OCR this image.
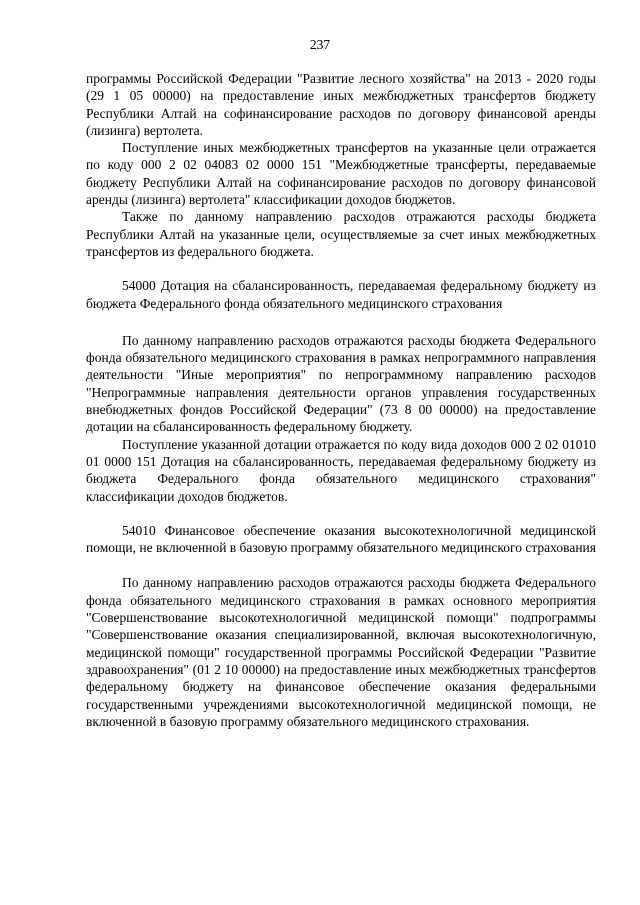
237

программы Российской Федерации "Развитие лесного хозяйства" на 2013 - 2020 годы (29 1 05 00000) на предоставление иных межбюджетных трансфертов бюджету Республики Алтай на софинансирование расходов по договору финансовой аренды (лизинга) вертолета.

Поступление иных межбюджетных трансфертов на указанные цели отражается по коду 000 2 02 04083 02 0000 151 "Межбюджетные трансферты, передаваемые бюджету Республики Алтай на софинансирование расходов по договору финансовой аренды (лизинга) вертолета" классификации доходов бюджетов.

Также по данному направлению расходов отражаются расходы бюджета Республики Алтай на указанные цели, осуществляемые за счет иных межбюджетных трансфертов из федерального бюджета.

54000 Дотация на сбалансированность, передаваемая федеральному бюджету из бюджета Федерального фонда обязательного медицинского страхования

По данному направлению расходов отражаются расходы бюджета Федерального фонда обязательного медицинского страхования в рамках непрограммного направления деятельности "Иные мероприятия" по непрограммному направлению расходов "Непрограммные направления деятельности органов управления государственных внебюджетных фондов Российской Федерации" (73 8 00 00000) на предоставление дотации на сбалансированность федеральному бюджету.

Поступление указанной дотации отражается по коду вида доходов 000 2 02 01010 01 0000 151 Дотация на сбалансированность, передаваемая федеральному бюджету из бюджета Федерального фонда обязательного медицинского страхования" классификации доходов бюджетов.

54010 Финансовое обеспечение оказания высокотехнологичной медицинской помощи, не включенной в базовую программу обязательного медицинского страхования

По данному направлению расходов отражаются расходы бюджета Федерального фонда обязательного медицинского страхования в рамках основного мероприятия "Совершенствование высокотехнологичной медицинской помощи" подпрограммы "Совершенствование оказания специализированной, включая высокотехнологичную, медицинской помощи" государственной программы Российской Федерации "Развитие здравоохранения" (01 2 10 00000) на предоставление иных межбюджетных трансфертов федеральному бюджету на финансовое обеспечение оказания федеральными государственными учреждениями высокотехнологичной медицинской помощи, не включенной в базовую программу обязательного медицинского страхования.
